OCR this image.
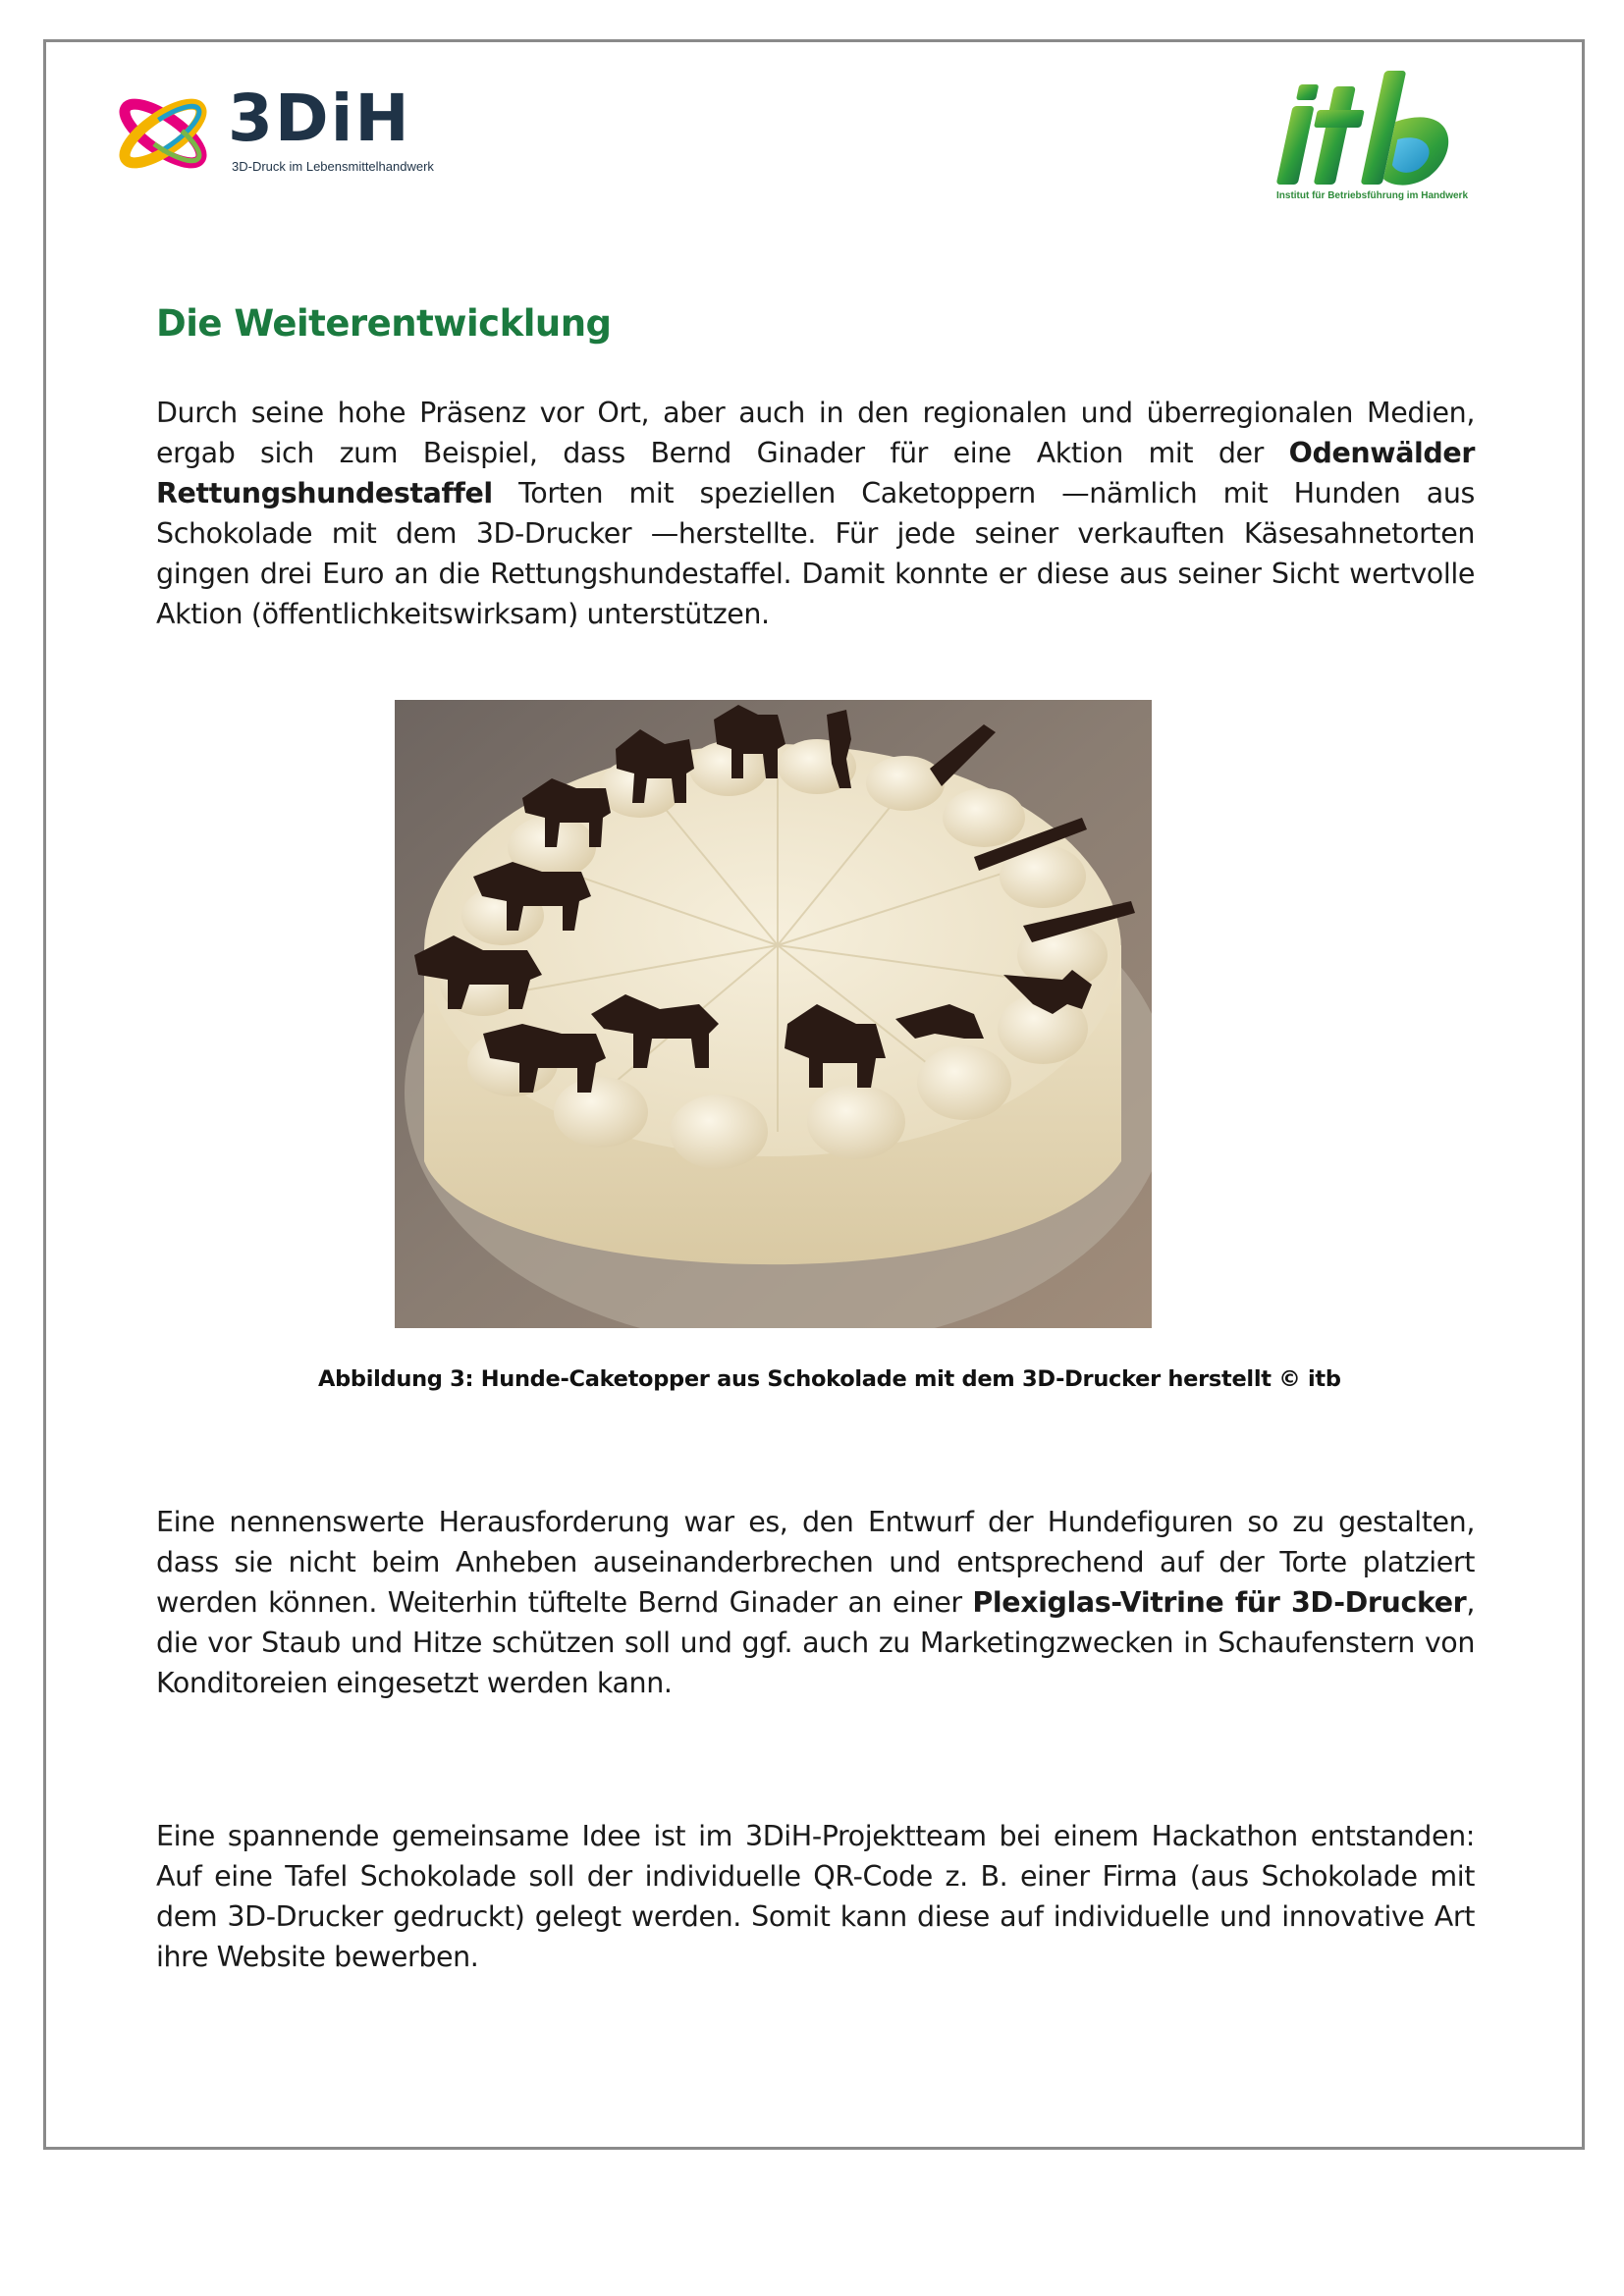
3DiH
3D-Druck im Lebensmittelhandwerk
Institut für Betriebsführung im Handwerk
Die Weiterentwicklung

Durch seine hohe Präsenz vor Ort, aber auch in den regionalen und überregionalen Medien, ergab sich zum Beispiel, dass Bernd Ginader für eine Aktion mit der Odenwälder Rettungshundestaffel Torten mit speziellen Caketoppern —nämlich mit Hunden aus Schokolade mit dem 3D-Drucker —herstellte. Für jede seiner verkauften Käsesahnetorten gingen drei Euro an die Rettungshundestaffel. Damit konnte er diese aus seiner Sicht wertvolle Aktion (öffentlichkeitswirksam) unterstützen.

Abbildung 3: Hunde-Caketopper aus Schokolade mit dem 3D-Drucker herstellt © itb

Eine nennenswerte Herausforderung war es, den Entwurf der Hundefiguren so zu gestalten, dass sie nicht beim Anheben auseinanderbrechen und entsprechend auf der Torte platziert werden können. Weiterhin tüftelte Bernd Ginader an einer Plexiglas-Vitrine für 3D-Drucker, die vor Staub und Hitze schützen soll und ggf. auch zu Marketingzwecken in Schaufenstern von Konditoreien eingesetzt werden kann.

Eine spannende gemeinsame Idee ist im 3DiH-Projektteam bei einem Hackathon entstanden: Auf eine Tafel Schokolade soll der individuelle QR-Code z. B. einer Firma (aus Schokolade mit dem 3D-Drucker gedruckt) gelegt werden. Somit kann diese auf individuelle und innovative Art ihre Website bewerben.
